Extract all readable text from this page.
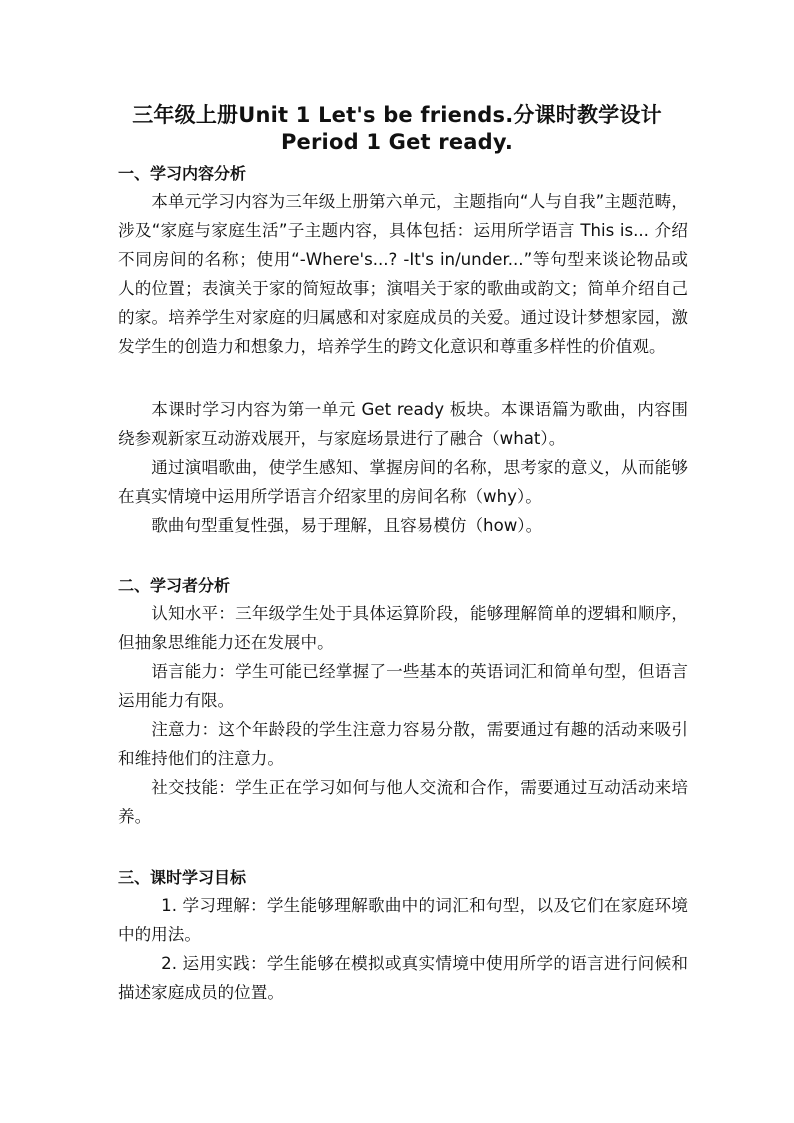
三年级上册Unit 1 Let's be friends.分课时教学设计
Period 1 Get ready.
一、学习内容分析
本单元学习内容为三年级上册第六单元，主题指向“人与自我”主题范畴，涉及“家庭与家庭生活”子主题内容，具体包括：运用所学语言 This is... 介绍不同房间的名称；使用“-Where's...? -It's in/under...”等句型来谈论物品或人的位置；表演关于家的简短故事；演唱关于家的歌曲或韵文；简单介绍自己的家。培养学生对家庭的归属感和对家庭成员的关爱。通过设计梦想家园，激发学生的创造力和想象力，培养学生的跨文化意识和尊重多样性的价值观。
本课时学习内容为第一单元 Get ready 板块。本课语篇为歌曲，内容围绕参观新家互动游戏展开，与家庭场景进行了融合（what）。
通过演唱歌曲，使学生感知、掌握房间的名称，思考家的意义，从而能够在真实情境中运用所学语言介绍家里的房间名称（why）。
歌曲句型重复性强，易于理解，且容易模仿（how）。
二、学习者分析
认知水平：三年级学生处于具体运算阶段，能够理解简单的逻辑和顺序，但抽象思维能力还在发展中。
语言能力：学生可能已经掌握了一些基本的英语词汇和简单句型，但语言运用能力有限。
注意力：这个年龄段的学生注意力容易分散，需要通过有趣的活动来吸引和维持他们的注意力。
社交技能：学生正在学习如何与他人交流和合作，需要通过互动活动来培养。
三、课时学习目标
1. 学习理解：学生能够理解歌曲中的词汇和句型，以及它们在家庭环境中的用法。
2. 运用实践：学生能够在模拟或真实情境中使用所学的语言进行问候和描述家庭成员的位置。
